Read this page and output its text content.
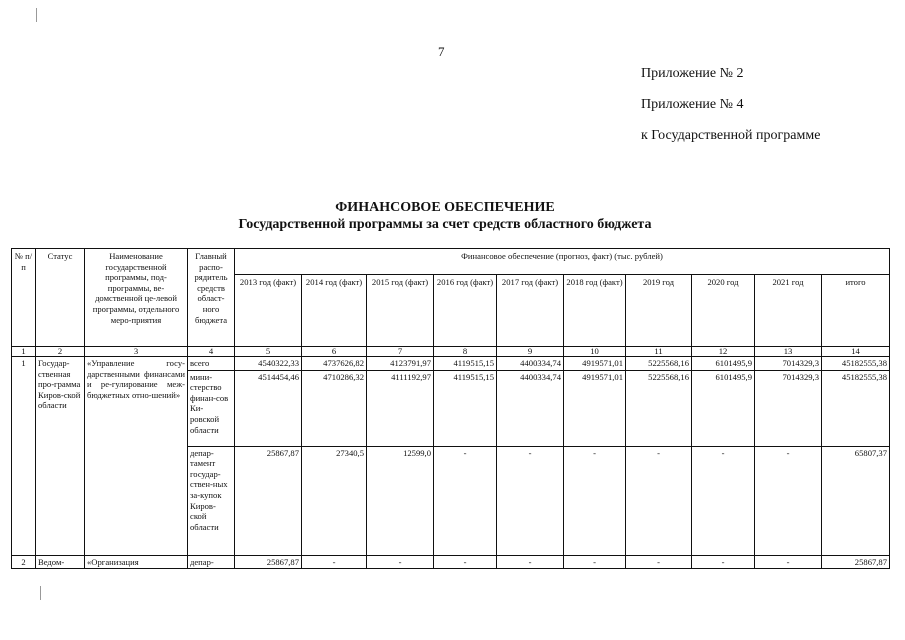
7
Приложение № 2
Приложение № 4
к Государственной программе
ФИНАНСОВОЕ ОБЕСПЕЧЕНИЕ
Государственной программы за счет средств областного бюджета
№ п/п	Статус	Наименование государственной программы, под-программы, ве-домственной це-левой программы, отдельного меро-приятия	Главный распо-рядитель средств област-ного бюджета	Финансовое обеспечение (прогноз, факт) (тыс. рублей)									
				2013 год (факт)	2014 год (факт)	2015 год (факт)	2016 год (факт)	2017 год (факт)	2018 год (факт)	2019 год	2020 год	2021 год	итого
1	2	3	4	5	6	7	8	9	10	11	12	13	14
1	Государ-ственная про-грамма Киров-ской области	«Управление госу-дарственными финансами и ре-гулирование меж-бюджетных отно-шений»	всего	4540322,33	4737626,82	4123791,97	4119515,15	4400334,74	4919571,01	5225568,16	6101495,9	7014329,3	45182555,38
			мини-стерство финан-сов Ки-ровской области	4514454,46	4710286,32	4111192,97	4119515,15	4400334,74	4919571,01	5225568,16	6101495,9	7014329,3	45182555,38
			депар-тамент государ-ствен-ных за-купок Киров-ской области	25867,87	27340,5	12599,0	-	-	-	-	-	-	65807,37
2	Ведом-	«Организация	депар-	25867,87	-	-	-	-	-	-	-	-	25867,87
